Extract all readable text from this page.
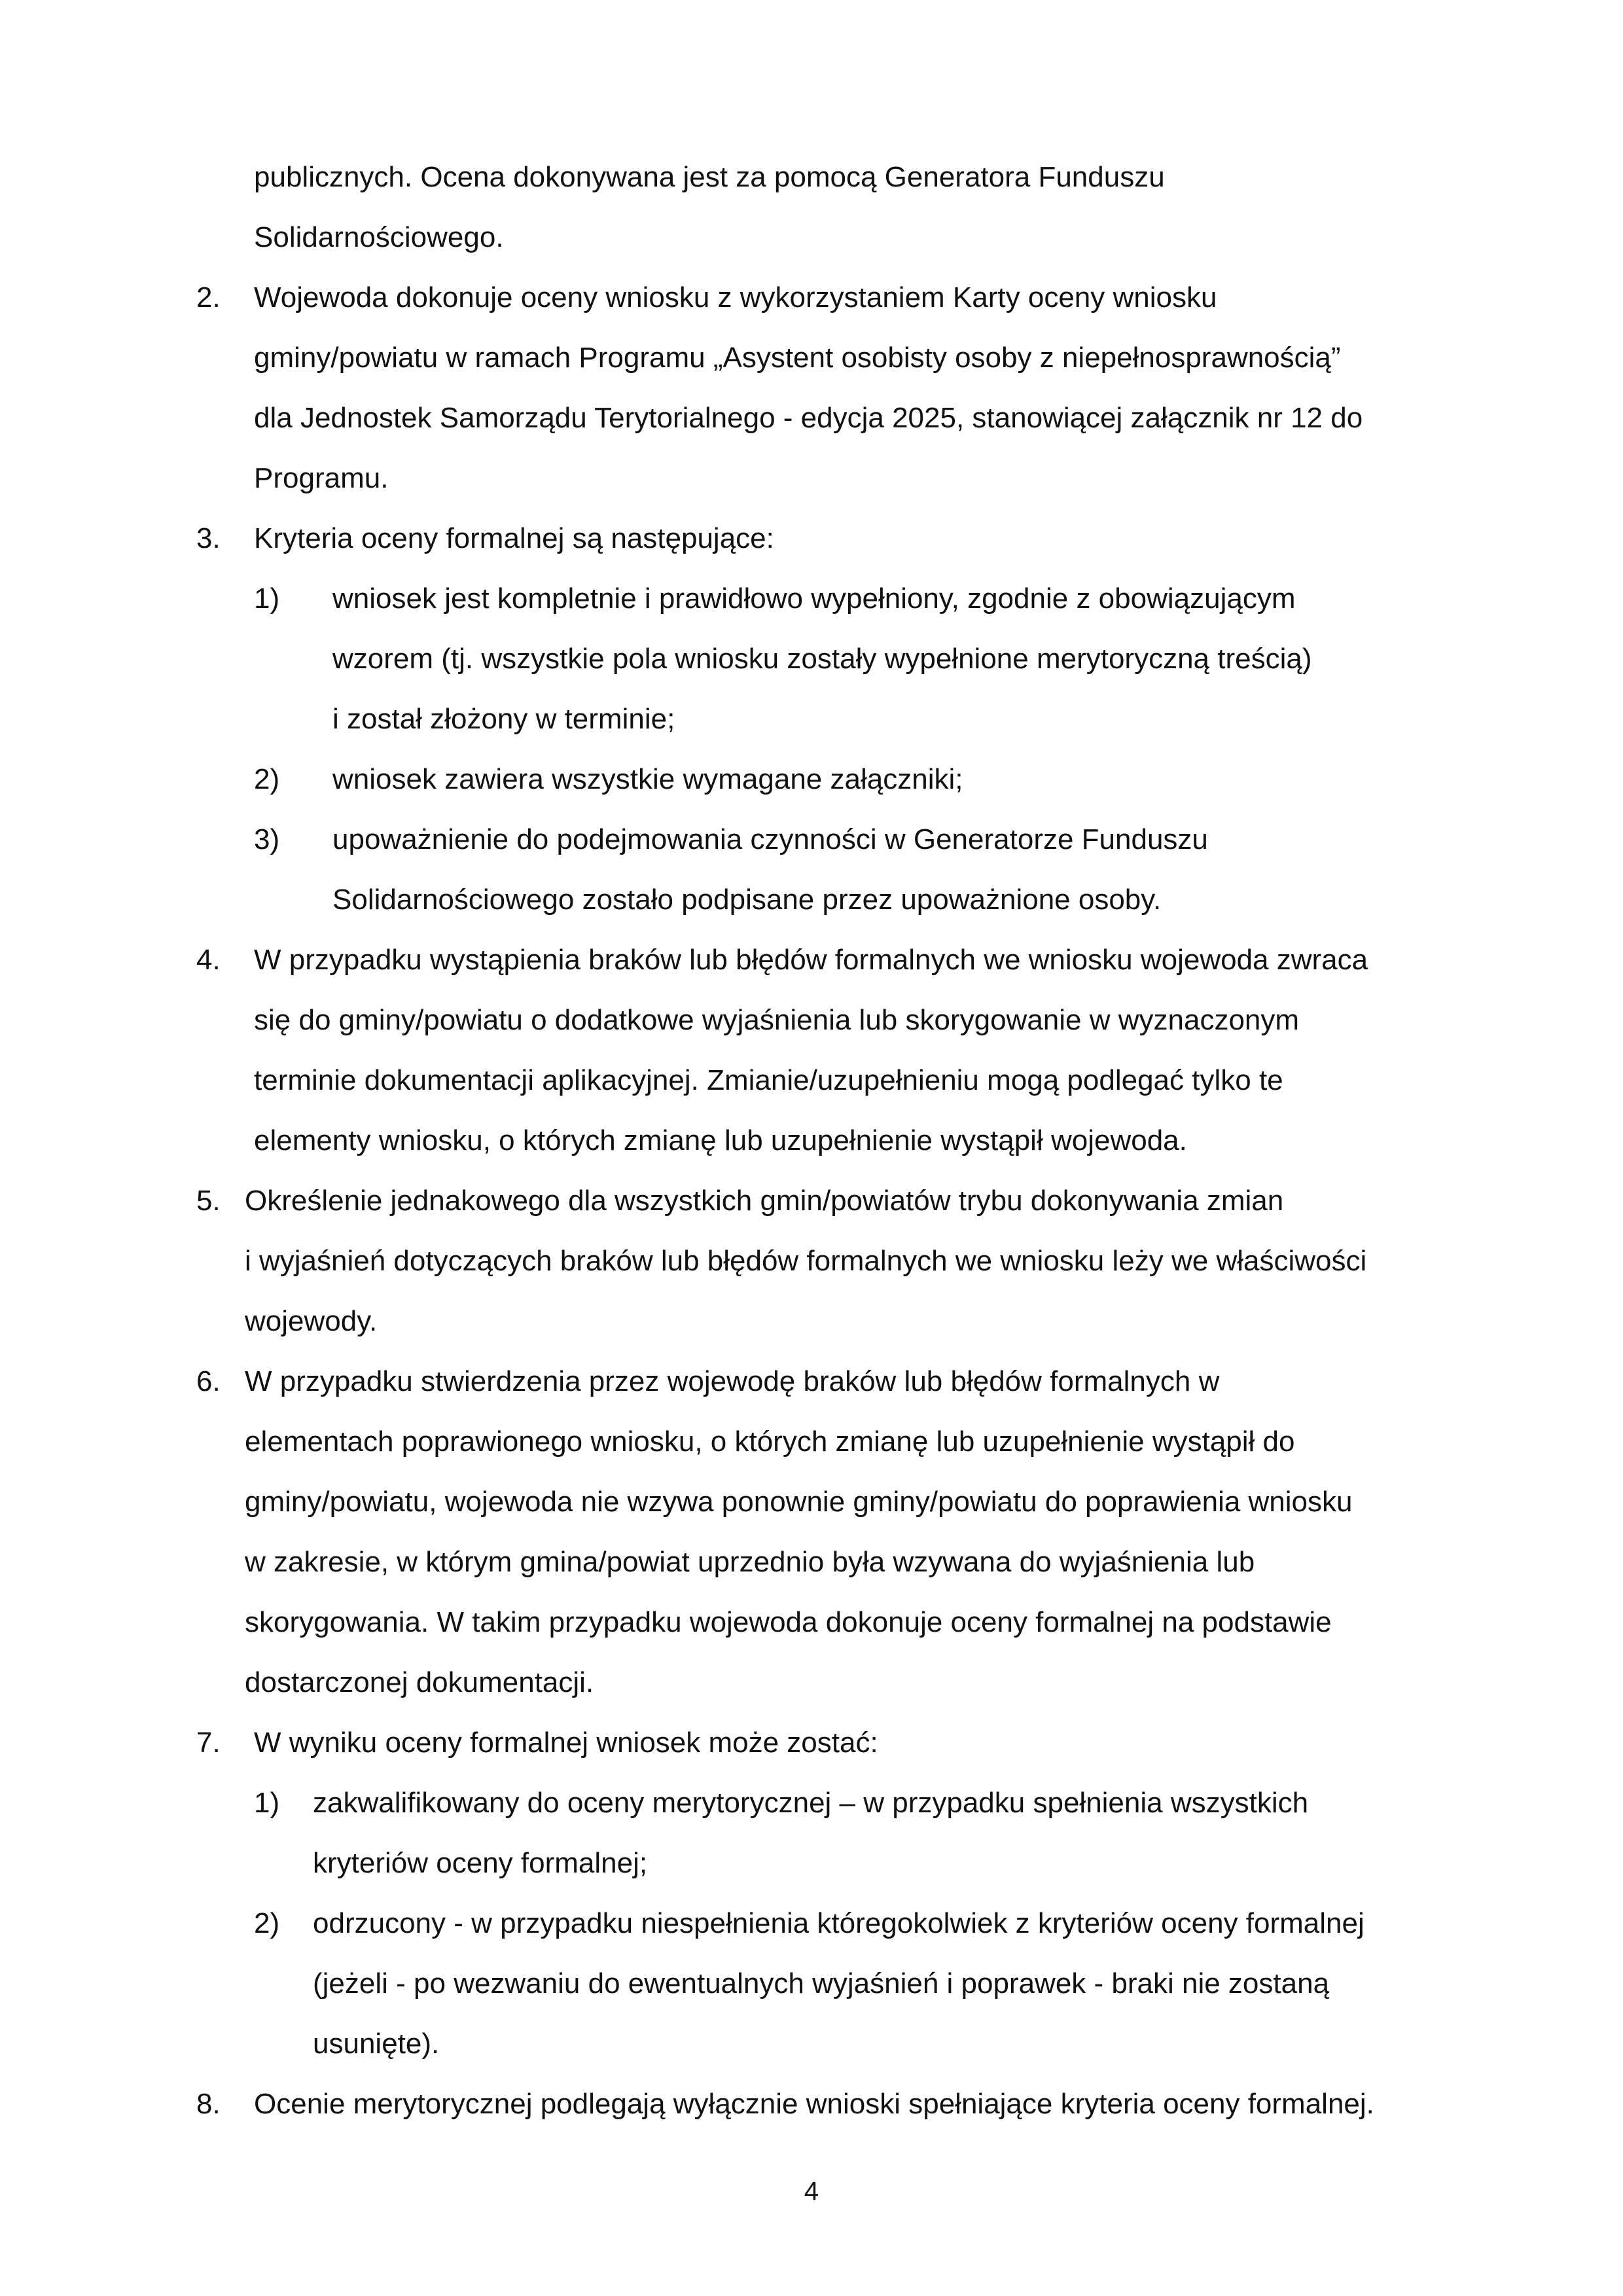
publicznych. Ocena dokonywana jest za pomocą Generatora Funduszu
Solidarnościowego.
2. Wojewoda dokonuje oceny wniosku z wykorzystaniem Karty oceny wniosku
gminy/powiatu w ramach Programu „Asystent osobisty osoby z niepełnosprawnością”
dla Jednostek Samorządu Terytorialnego - edycja 2025, stanowiącej załącznik nr 12 do
Programu.
3. Kryteria oceny formalnej są następujące:
1) wniosek jest kompletnie i prawidłowo wypełniony, zgodnie z obowiązującym
wzorem (tj. wszystkie pola wniosku zostały wypełnione merytoryczną treścią)
i został złożony w terminie;
2) wniosek zawiera wszystkie wymagane załączniki;
3) upoważnienie do podejmowania czynności w Generatorze Funduszu
Solidarnościowego zostało podpisane przez upoważnione osoby.
4. W przypadku wystąpienia braków lub błędów formalnych we wniosku wojewoda zwraca
się do gminy/powiatu o dodatkowe wyjaśnienia lub skorygowanie w wyznaczonym
terminie dokumentacji aplikacyjnej. Zmianie/uzupełnieniu mogą podlegać tylko te
elementy wniosku, o których zmianę lub uzupełnienie wystąpił wojewoda.
5. Określenie jednakowego dla wszystkich gmin/powiatów trybu dokonywania zmian
i wyjaśnień dotyczących braków lub błędów formalnych we wniosku leży we właściwości
wojewody.
6. W przypadku stwierdzenia przez wojewodę braków lub błędów formalnych w
elementach poprawionego wniosku, o których zmianę lub uzupełnienie wystąpił do
gminy/powiatu, wojewoda nie wzywa ponownie gminy/powiatu do poprawienia wniosku
w zakresie, w którym gmina/powiat uprzednio była wzywana do wyjaśnienia lub
skorygowania. W takim przypadku wojewoda dokonuje oceny formalnej na podstawie
dostarczonej dokumentacji.
7. W wyniku oceny formalnej wniosek może zostać:
1) zakwalifikowany do oceny merytorycznej – w przypadku spełnienia wszystkich
kryteriów oceny formalnej;
2) odrzucony - w przypadku niespełnienia któregokolwiek z kryteriów oceny formalnej
(jeżeli - po wezwaniu do ewentualnych wyjaśnień i poprawek - braki nie zostaną
usunięte).
8. Ocenie merytorycznej podlegają wyłącznie wnioski spełniające kryteria oceny formalnej.
4
